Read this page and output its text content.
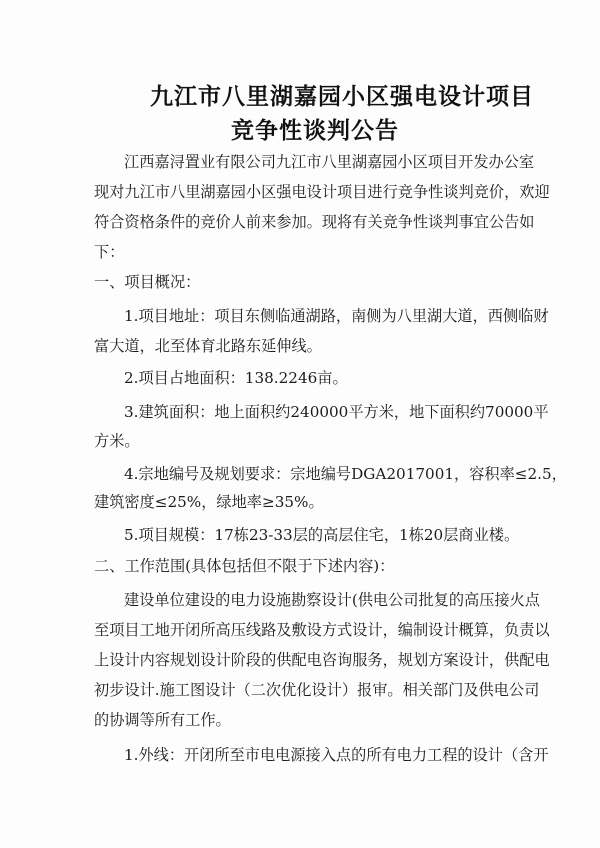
九江市八里湖嘉园小区强电设计项目
竞争性谈判公告
江西嘉浔置业有限公司九江市八里湖嘉园小区项目开发办公室
现对九江市八里湖嘉园小区强电设计项目进行竞争性谈判竞价，欢迎
符合资格条件的竞价人前来参加。现将有关竞争性谈判事宜公告如
下：
一、项目概况：
1.项目地址：项目东侧临通湖路，南侧为八里湖大道，西侧临财
富大道，北至体育北路东延伸线。
2.项目占地面积：138.2246亩。
3.建筑面积：地上面积约240000平方米，地下面积约70000平
方米。
4.宗地编号及规划要求：宗地编号DGA2017001，容积率≤2.5，
建筑密度≤25%，绿地率≥35%。
5.项目规模：17栋23-33层的高层住宅，1栋20层商业楼。
二、工作范围(具体包括但不限于下述内容)：
建设单位建设的电力设施勘察设计(供电公司批复的高压接火点
至项目工地开闭所高压线路及敷设方式设计，编制设计概算，负责以
上设计内容规划设计阶段的供配电咨询服务，规划方案设计，供配电
初步设计.施工图设计（二次优化设计）报审。相关部门及供电公司
的协调等所有工作。
1.外线：开闭所至市电电源接入点的所有电力工程的设计（含开
